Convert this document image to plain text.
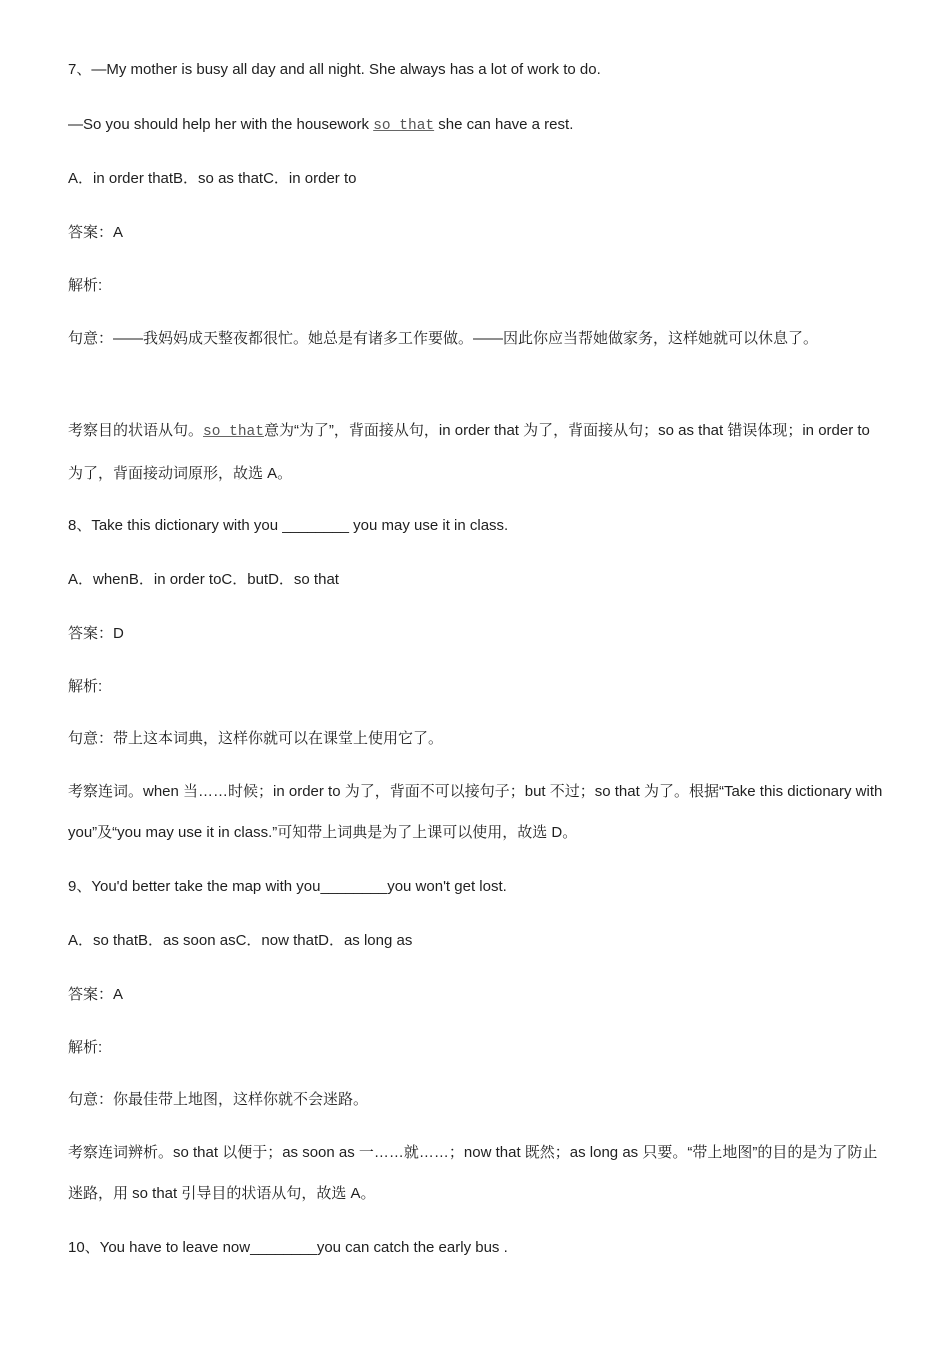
7、—My mother is busy all day and all night. She always has a lot of work to do.
—So you should help her with the housework so that she can have a rest.
A．in order thatB．so as thatC．in order to
答案：A
解析:
句意：——我妈妈成天整夜都很忙。她总是有诸多工作要做。——因此你应当帮她做家务，这样她就可以休息了。
考察目的状语从句。so that意为“为了”，背面接从句，in order that 为了，背面接从句；so as that 错误体现；in order to 为了，背面接动词原形，故选 A。
8、Take this dictionary with you ________ you may use it in class.
A．whenB．in order toC．butD．so that
答案：D
解析:
句意：带上这本词典，这样你就可以在课堂上使用它了。
考察连词。when 当……时候；in order to 为了，背面不可以接句子；but 不过；so that 为了。根据“Take this dictionary with you”及“you may use it in class.”可知带上词典是为了上课可以使用，故选 D。
9、You'd better take the map with you________you won't get lost.
A．so thatB．as soon asC．now thatD．as long as
答案：A
解析:
句意：你最佳带上地图，这样你就不会迷路。
考察连词辨析。so that 以便于；as soon as 一……就……；now that 既然；as long as 只要。“带上地图”的目的是为了防止迷路，用 so that 引导目的状语从句，故选 A。
10、You have to leave now________you can catch the early bus .
